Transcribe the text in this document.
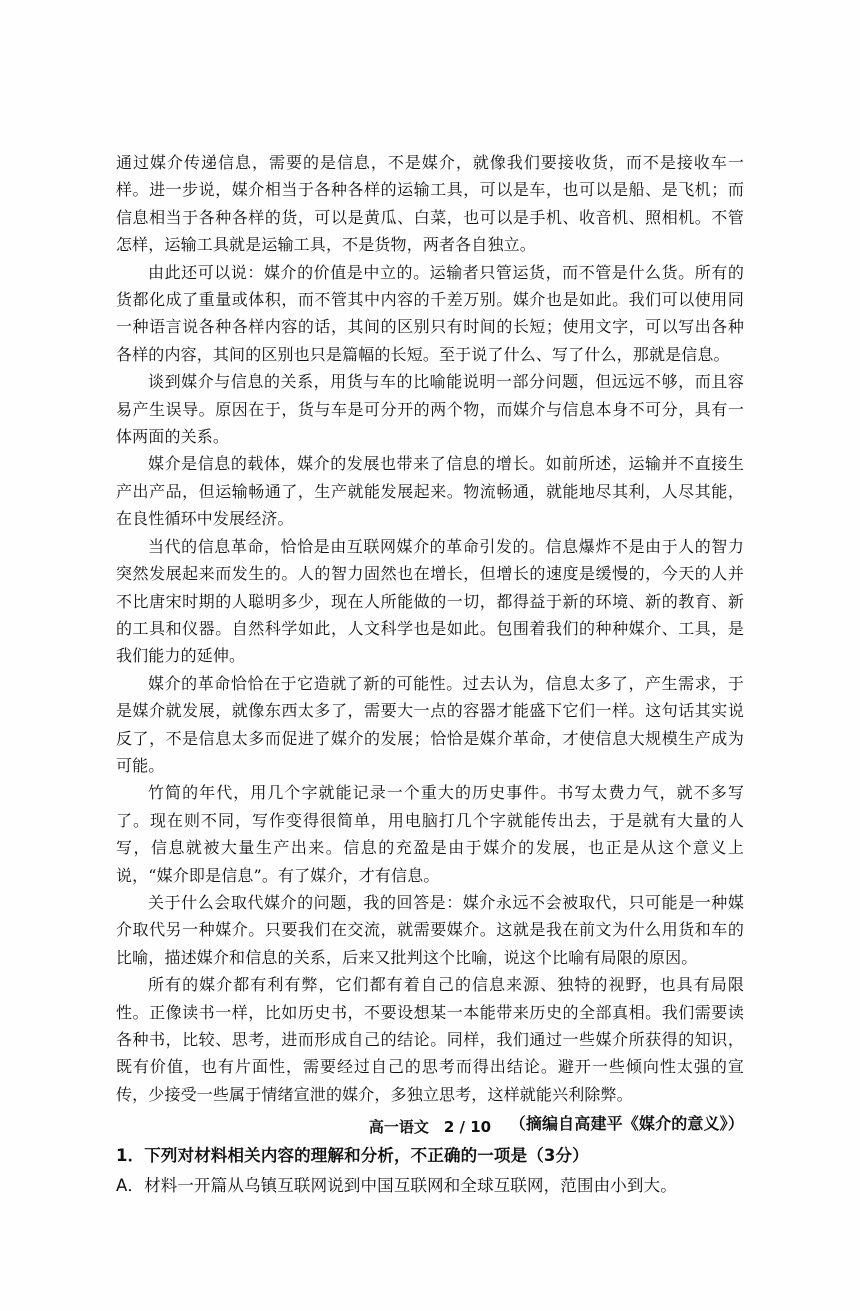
通过媒介传递信息，需要的是信息，不是媒介，就像我们要接收货，而不是接收车一样。进一步说，媒介相当于各种各样的运输工具，可以是车，也可以是船、是飞机；而信息相当于各种各样的货，可以是黄瓜、白菜，也可以是手机、收音机、照相机。不管怎样，运输工具就是运输工具，不是货物，两者各自独立。

由此还可以说：媒介的价值是中立的。运输者只管运货，而不管是什么货。所有的货都化成了重量或体积，而不管其中内容的千差万别。媒介也是如此。我们可以使用同一种语言说各种各样内容的话，其间的区别只有时间的长短；使用文字，可以写出各种各样的内容，其间的区别也只是篇幅的长短。至于说了什么、写了什么，那就是信息。

谈到媒介与信息的关系，用货与车的比喻能说明一部分问题，但远远不够，而且容易产生误导。原因在于，货与车是可分开的两个物，而媒介与信息本身不可分，具有一体两面的关系。

媒介是信息的载体，媒介的发展也带来了信息的增长。如前所述，运输并不直接生产出产品，但运输畅通了，生产就能发展起来。物流畅通，就能地尽其利，人尽其能，在良性循环中发展经济。

当代的信息革命，恰恰是由互联网媒介的革命引发的。信息爆炸不是由于人的智力突然发展起来而发生的。人的智力固然也在增长，但增长的速度是缓慢的，今天的人并不比唐宋时期的人聪明多少，现在人所能做的一切，都得益于新的环境、新的教育、新的工具和仪器。自然科学如此，人文科学也是如此。包围着我们的种种媒介、工具，是我们能力的延伸。

媒介的革命恰恰在于它造就了新的可能性。过去认为，信息太多了，产生需求，于是媒介就发展，就像东西太多了，需要大一点的容器才能盛下它们一样。这句话其实说反了，不是信息太多而促进了媒介的发展；恰恰是媒介革命，才使信息大规模生产成为可能。

竹简的年代，用几个字就能记录一个重大的历史事件。书写太费力气，就不多写了。现在则不同，写作变得很简单，用电脑打几个字就能传出去，于是就有大量的人写，信息就被大量生产出来。信息的充盈是由于媒介的发展，也正是从这个意义上说，“媒介即是信息”。有了媒介，才有信息。

关于什么会取代媒介的问题，我的回答是：媒介永远不会被取代，只可能是一种媒介取代另一种媒介。只要我们在交流，就需要媒介。这就是我在前文为什么用货和车的比喻，描述媒介和信息的关系，后来又批判这个比喻，说这个比喻有局限的原因。

所有的媒介都有利有弊，它们都有着自己的信息来源、独特的视野，也具有局限性。正像读书一样，比如历史书，不要设想某一本能带来历史的全部真相。我们需要读各种书，比较、思考，进而形成自己的结论。同样，我们通过一些媒介所获得的知识，既有价值，也有片面性，需要经过自己的思考而得出结论。避开一些倾向性太强的宣传，少接受一些属于情绪宣泄的媒介，多独立思考，这样就能兴利除弊。

（摘编自高建平《媒介的意义》）

1．下列对材料相关内容的理解和分析，不正确的一项是（3分）

A．材料一开篇从乌镇互联网说到中国互联网和全球互联网，范围由小到大。

高一语文　2 / 10
